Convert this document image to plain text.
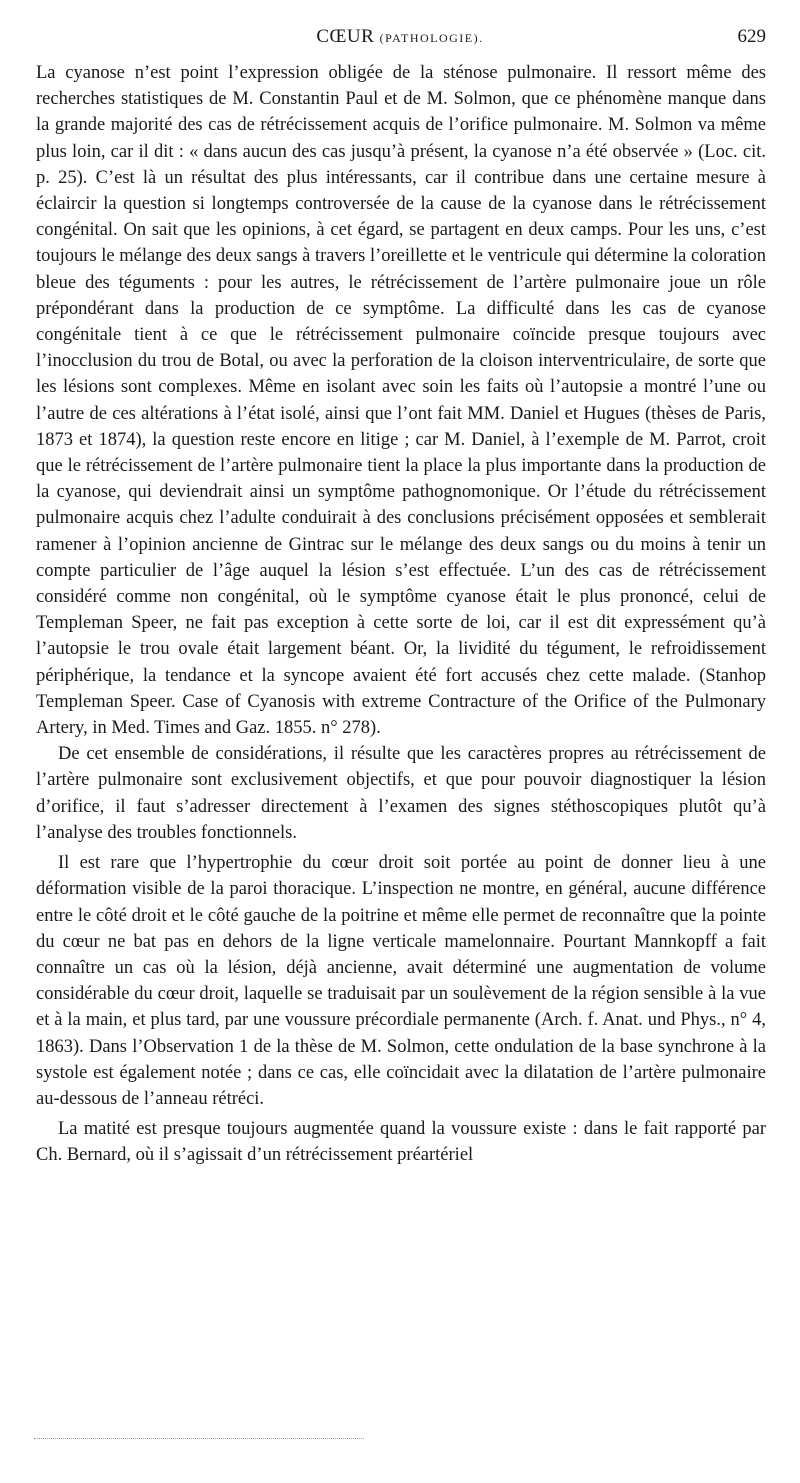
CŒUR (PATHOLOGIE).	629

La cyanose n’est point l’expression obligée de la sténose pulmonaire. Il ressort même des recherches statistiques de M. Constantin Paul et de M. Solmon, que ce phénomène manque dans la grande majorité des cas de rétrécissement acquis de l’orifice pulmonaire. M. Solmon va même plus loin, car il dit : « dans aucun des cas jusqu’à présent, la cyanose n’a été observée » (Loc. cit. p. 25). C’est là un résultat des plus intéressants, car il contribue dans une certaine mesure à éclaircir la question si longtemps controversée de la cause de la cyanose dans le rétrécissement congénital. On sait que les opinions, à cet égard, se partagent en deux camps. Pour les uns, c’est toujours le mélange des deux sangs à travers l’oreillette et le ventricule qui détermine la coloration bleue des téguments : pour les autres, le rétrécissement de l’artère pulmonaire joue un rôle prépondérant dans la production de ce symptôme. La difficulté dans les cas de cyanose congénitale tient à ce que le rétrécissement pulmonaire coïncide presque toujours avec l’inocclusion du trou de Botal, ou avec la perforation de la cloison interventriculaire, de sorte que les lésions sont complexes. Même en isolant avec soin les faits où l’autopsie a montré l’une ou l’autre de ces altérations à l’état isolé, ainsi que l’ont fait MM. Daniel et Hugues (thèses de Paris, 1873 et 1874), la question reste encore en litige ; car M. Daniel, à l’exemple de M. Parrot, croit que le rétrécissement de l’artère pulmonaire tient la place la plus importante dans la production de la cyanose, qui deviendrait ainsi un symptôme pathognomonique. Or l’étude du rétrécissement pulmonaire acquis chez l’adulte conduirait à des conclusions précisément opposées et semblerait ramener à l’opinion ancienne de Gintrac sur le mélange des deux sangs ou du moins à tenir un compte particulier de l’âge auquel la lésion s’est effectuée. L’un des cas de rétrécissement considéré comme non congénital, où le symptôme cyanose était le plus prononcé, celui de Templeman Speer, ne fait pas exception à cette sorte de loi, car il est dit expressément qu’à l’autopsie le trou ovale était largement béant. Or, la lividité du tégument, le refroidissement périphérique, la tendance et la syncope avaient été fort accusés chez cette malade. (Stanhop Templeman Speer. Case of Cyanosis with extreme Contracture of the Orifice of the Pulmonary Artery, in Med. Times and Gaz. 1855. n° 278).

De cet ensemble de considérations, il résulte que les caractères propres au rétrécissement de l’artère pulmonaire sont exclusivement objectifs, et que pour pouvoir diagnostiquer la lésion d’orifice, il faut s’adresser directement à l’examen des signes stéthoscopiques plutôt qu’à l’analyse des troubles fonctionnels.

Il est rare que l’hypertrophie du cœur droit soit portée au point de donner lieu à une déformation visible de la paroi thoracique. L’inspection ne montre, en général, aucune différence entre le côté droit et le côté gauche de la poitrine et même elle permet de reconnaître que la pointe du cœur ne bat pas en dehors de la ligne verticale mamelonnaire. Pourtant Mannkopff a fait connaître un cas où la lésion, déjà ancienne, avait déterminé une augmentation de volume considérable du cœur droit, laquelle se traduisait par un soulèvement de la région sensible à la vue et à la main, et plus tard, par une voussure précordiale permanente (Arch. f. Anat. und Phys., n° 4, 1863). Dans l’Observation 1 de la thèse de M. Solmon, cette ondulation de la base synchrone à la systole est également notée ; dans ce cas, elle coïncidait avec la dilatation de l’artère pulmonaire au-dessous de l’anneau rétréci.

La matité est presque toujours augmentée quand la voussure existe : dans le fait rapporté par Ch. Bernard, où il s’agissait d’un rétrécissement préartériel
